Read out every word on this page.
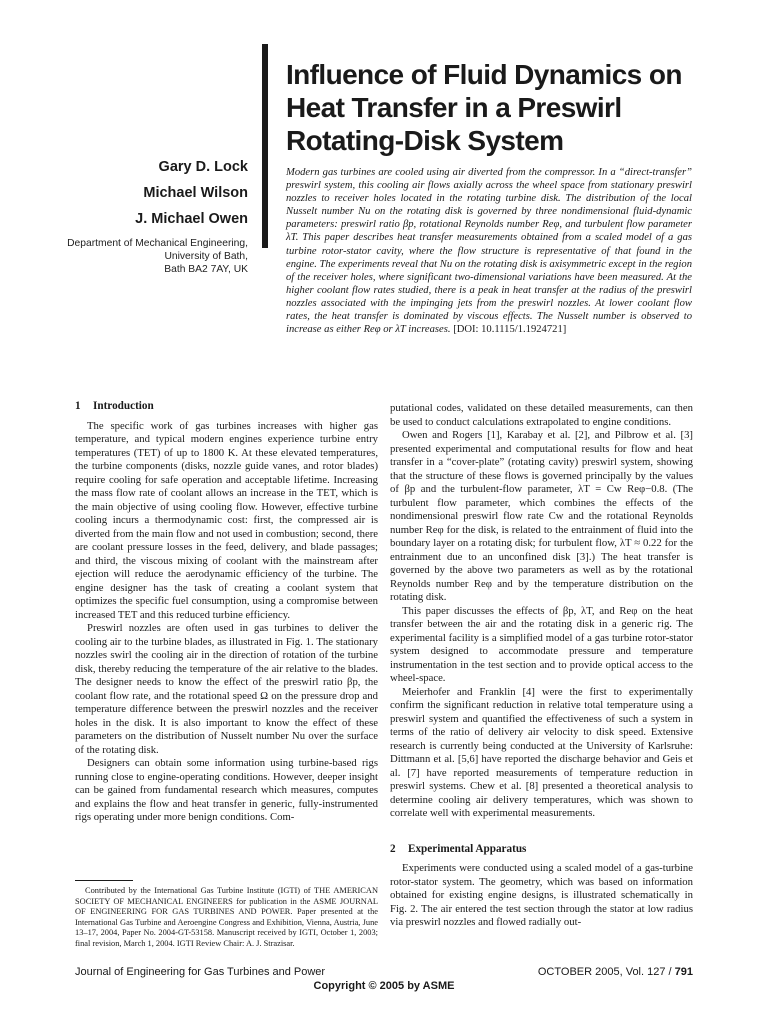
Influence of Fluid Dynamics on
Heat Transfer in a Preswirl
Rotating-Disk System
Gary D. Lock
Michael Wilson
J. Michael Owen
Department of Mechanical Engineering,
University of Bath,
Bath BA2 7AY, UK
Modern gas turbines are cooled using air diverted from the compressor. In a “direct-transfer” preswirl system, this cooling air flows axially across the wheel space from stationary preswirl nozzles to receiver holes located in the rotating turbine disk. The distribution of the local Nusselt number Nu on the rotating disk is governed by three nondimensional fluid-dynamic parameters: preswirl ratio βp, rotational Reynolds number Reφ, and turbulent flow parameter λT. This paper describes heat transfer measurements obtained from a scaled model of a gas turbine rotor-stator cavity, where the flow structure is representative of that found in the engine. The experiments reveal that Nu on the rotating disk is axisymmetric except in the region of the receiver holes, where significant two-dimensional variations have been measured. At the higher coolant flow rates studied, there is a peak in heat transfer at the radius of the preswirl nozzles associated with the impinging jets from the preswirl nozzles. At lower coolant flow rates, the heat transfer is dominated by viscous effects. The Nusselt number is observed to increase as either Reφ or λT increases. [DOI: 10.1115/1.1924721]
1 Introduction

The specific work of gas turbines increases with higher gas temperature, and typical modern engines experience turbine entry temperatures (TET) of up to 1800 K. At these elevated temperatures, the turbine components (disks, nozzle guide vanes, and rotor blades) require cooling for safe operation and acceptable lifetime. Increasing the mass flow rate of coolant allows an increase in the TET, which is the main objective of using cooling flow. However, effective turbine cooling incurs a thermodynamic cost: first, the compressed air is diverted from the main flow and not used in combustion; second, there are coolant pressure losses in the feed, delivery, and blade passages; and third, the viscous mixing of coolant with the mainstream after ejection will reduce the aerodynamic efficiency of the turbine. The engine designer has the task of creating a coolant system that optimizes the specific fuel consumption, using a compromise between increased TET and this reduced turbine efficiency.

Preswirl nozzles are often used in gas turbines to deliver the cooling air to the turbine blades, as illustrated in Fig. 1. The stationary nozzles swirl the cooling air in the direction of rotation of the turbine disk, thereby reducing the temperature of the air relative to the blades. The designer needs to know the effect of the preswirl ratio βp, the coolant flow rate, and the rotational speed Ω on the pressure drop and temperature difference between the preswirl nozzles and the receiver holes in the disk. It is also important to know the effect of these parameters on the distribution of Nusselt number Nu over the surface of the rotating disk.

Designers can obtain some information using turbine-based rigs running close to engine-operating conditions. However, deeper insight can be gained from fundamental research which measures, computes and explains the flow and heat transfer in generic, fully-instrumented rigs operating under more benign conditions. Com-

putational codes, validated on these detailed measurements, can then be used to conduct calculations extrapolated to engine conditions.

Owen and Rogers [1], Karabay et al. [2], and Pilbrow et al. [3] presented experimental and computational results for flow and heat transfer in a “cover-plate” (rotating cavity) preswirl system, showing that the structure of these flows is governed principally by the values of βp and the turbulent-flow parameter, λT = Cw Reφ−0.8. (The turbulent flow parameter, which combines the effects of the nondimensional preswirl flow rate Cw and the rotational Reynolds number Reφ for the disk, is related to the entrainment of fluid into the boundary layer on a rotating disk; for turbulent flow, λT ≈ 0.22 for the entrainment due to an unconfined disk [3].) The heat transfer is governed by the above two parameters as well as by the rotational Reynolds number Reφ and by the temperature distribution on the rotating disk.

This paper discusses the effects of βp, λT, and Reφ on the heat transfer between the air and the rotating disk in a generic rig. The experimental facility is a simplified model of a gas turbine rotor-stator system designed to accommodate pressure and temperature instrumentation in the test section and to provide optical access to the wheel-space.

Meierhofer and Franklin [4] were the first to experimentally confirm the significant reduction in relative total temperature using a preswirl system and quantified the effectiveness of such a system in terms of the ratio of delivery air velocity to disk speed. Extensive research is currently being conducted at the University of Karlsruhe: Dittmann et al. [5,6] have reported the discharge behavior and Geis et al. [7] have reported measurements of temperature reduction in preswirl systems. Chew et al. [8] presented a theoretical analysis to determine cooling air delivery temperatures, which was shown to correlate well with experimental measurements.

2 Experimental Apparatus

Experiments were conducted using a scaled model of a gas-turbine rotor-stator system. The geometry, which was based on information obtained for existing engine designs, is illustrated schematically in Fig. 2. The air entered the test section through the stator at low radius via preswirl nozzles and flowed radially out-

Contributed by the International Gas Turbine Institute (IGTI) of THE AMERICAN SOCIETY OF MECHANICAL ENGINEERS for publication in the ASME JOURNAL OF ENGINEERING FOR GAS TURBINES AND POWER. Paper presented at the International Gas Turbine and Aeroengine Congress and Exhibition, Vienna, Austria, June 13–17, 2004, Paper No. 2004-GT-53158. Manuscript received by IGTI, October 1, 2003; final revision, March 1, 2004. IGTI Review Chair: A. J. Strazisar.

Journal of Engineering for Gas Turbines and Power	OCTOBER 2005, Vol. 127 / 791
Copyright © 2005 by ASME
